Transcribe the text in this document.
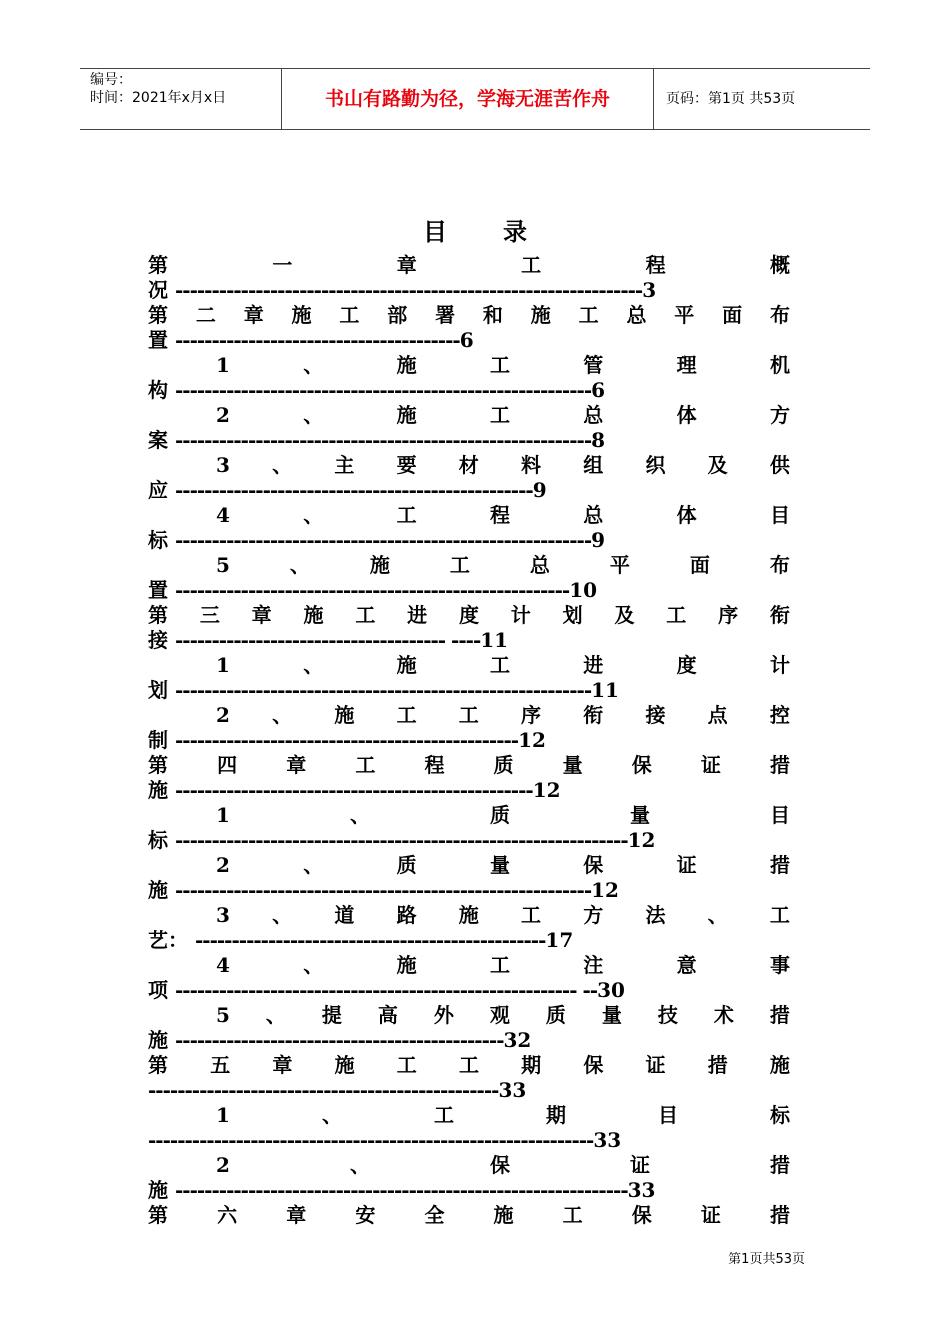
编号：
时间：2021年x月x日	书山有路勤为径，学海无涯苦作舟	页码：第1页 共53页
目 录
第	一	章	工	程	概
况 ----------------------------------------------------------------3
第 二 章 施 工 部 署 和 施 工 总 平 面 布
置 ---------------------------------------6
1	、	施	工	管	理	机
构 ---------------------------------------------------------6
2	、	施	工	总	体	方
案 ---------------------------------------------------------8
3 、 主 要 材 料 组 织 及 供
应 -------------------------------------------------9
4	、	工	程	总	体	目
标 ---------------------------------------------------------9
5	、	施	工	总	平	面	布
置 ------------------------------------------------------10
第 三 章 施 工 进 度 计 划 及 工 序 衔
接 ------------------------------------- ----11
1	、	施	工	进	度	计
划 ---------------------------------------------------------11
2 、 施 工 工 序 衔 接 点 控
制 -----------------------------------------------12
第 四 章 工 程 质 量 保 证 措
施 -------------------------------------------------12
1	、	质	量	目
标 --------------------------------------------------------------12
2	、	质	量	保	证	措
施 ---------------------------------------------------------12
3 、 道 路 施 工 方 法 、 工
艺： ------------------------------------------------17
4	、	施	工	注	意	事
项 ------------------------------------------------------- --30
5 、 提 高 外 观 质 量 技 术 措
施 ---------------------------------------------32
第 五 章 施 工 工 期 保 证 措 施
------------------------------------------------33
1	、	工	期	目	标
-------------------------------------------------------------33
2	、	保	证	措
施 --------------------------------------------------------------33
第 六 章 安 全 施 工 保 证 措
第1页共53页
